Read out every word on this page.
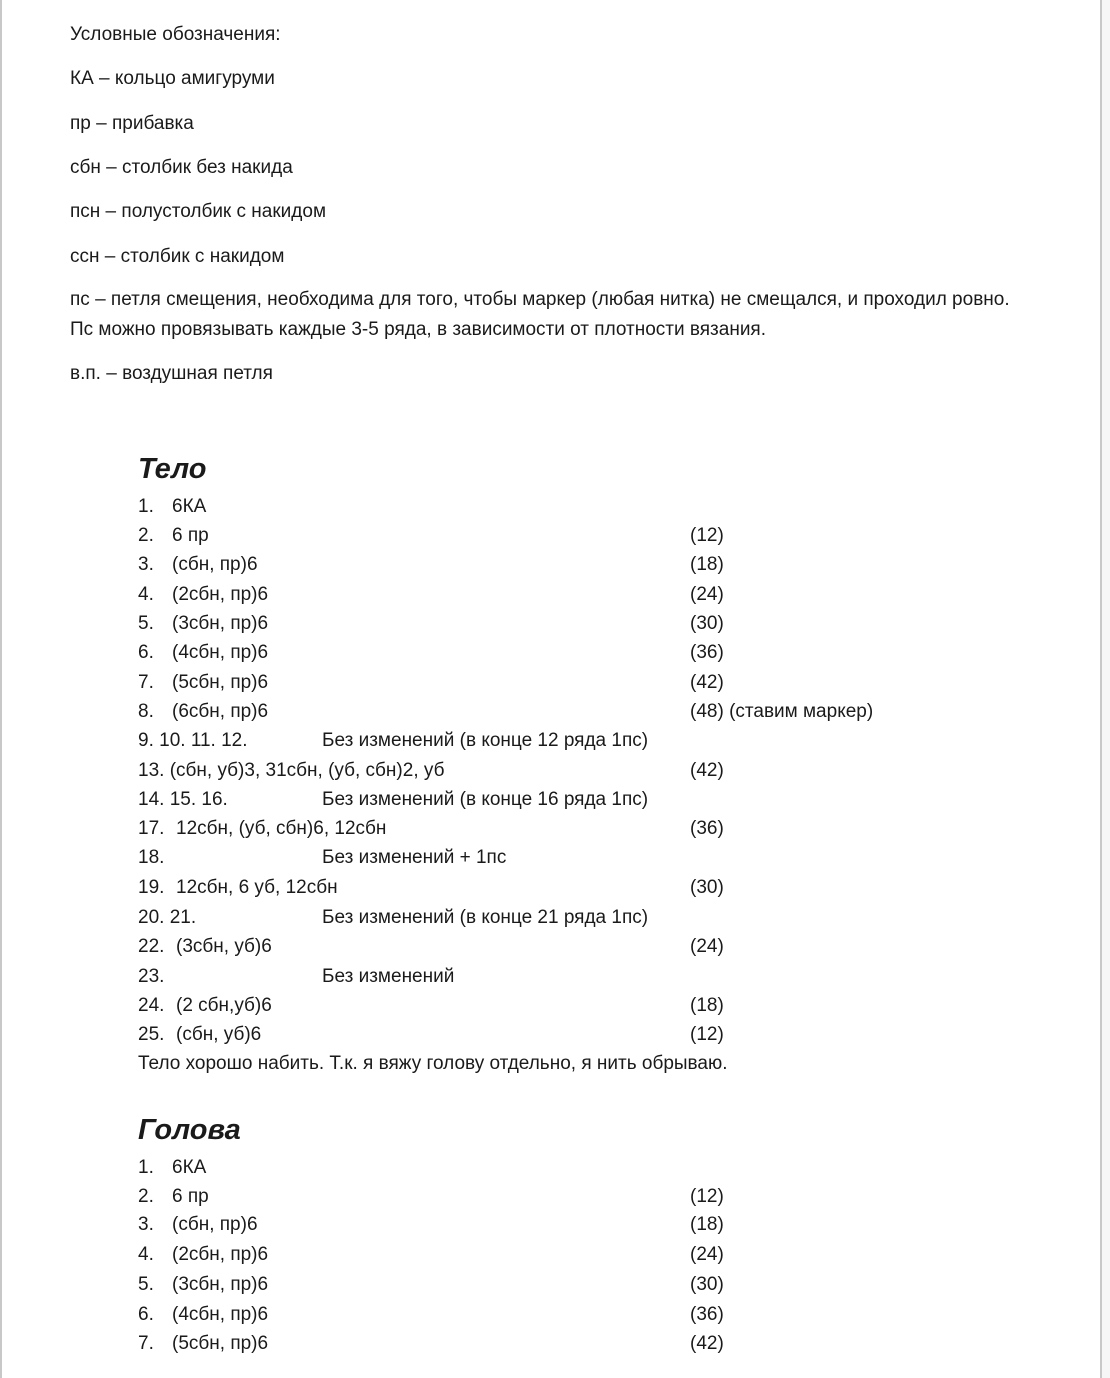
Условные обозначения:
КА – кольцо амигуруми
пр – прибавка
сбн – столбик без накида
псн – полустолбик с накидом
ссн – столбик с накидом
пс – петля смещения, необходима для того, чтобы маркер (любая нитка) не смещался, и проходил ровно. Пс можно провязывать каждые 3-5 ряда, в зависимости от плотности вязания.
в.п. – воздушная петля
Тело
1. 6КА
2. 6 пр	(12)
3. (сбн, пр)6	(18)
4. (2сбн, пр)6	(24)
5. (3сбн, пр)6	(30)
6. (4сбн, пр)6	(36)
7. (5сбн, пр)6	(42)
8. (6сбн, пр)6	(48) (ставим маркер)
9. 10. 11. 12.	Без изменений (в конце 12 ряда 1пс)
13. (сбн, уб)3, 31сбн, (уб, сбн)2, уб	(42)
14. 15. 16.	Без изменений (в конце 16 ряда 1пс)
17. 12сбн, (уб, сбн)6, 12сбн	(36)
18.	Без изменений + 1пс
19. 12сбн, 6 уб, 12сбн	(30)
20. 21.	Без изменений (в конце 21 ряда 1пс)
22. (3сбн, уб)6	(24)
23.	Без изменений
24. (2 сбн,уб)6	(18)
25. (сбн, уб)6	(12)
Тело хорошо набить. Т.к. я вяжу голову отдельно, я нить обрываю.
Голова
1. 6КА
2. 6 пр	(12)
3. (сбн, пр)6	(18)
4. (2сбн, пр)6	(24)
5. (3сбн, пр)6	(30)
6. (4сбн, пр)6	(36)
7. (5сбн, пр)6	(42)
